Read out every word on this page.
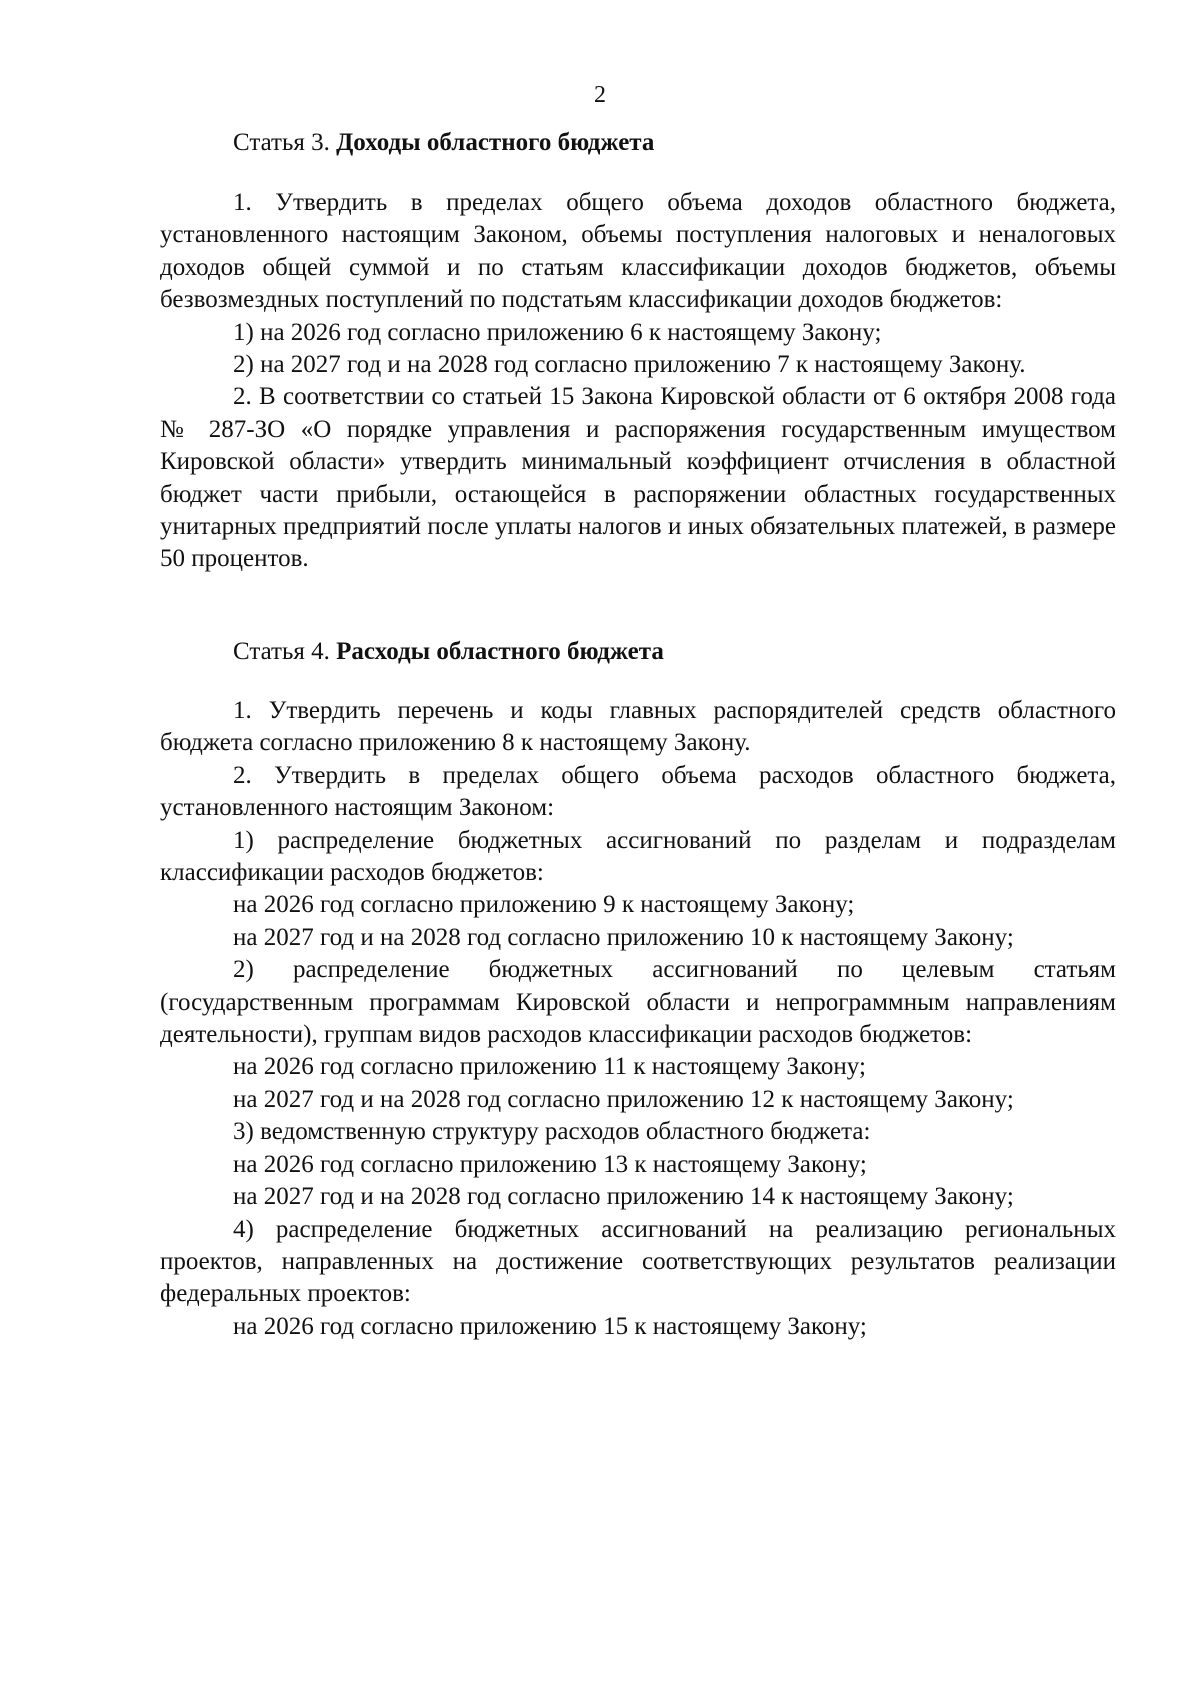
2
Статья 3. Доходы областного бюджета

1. Утвердить в пределах общего объема доходов областного бюджета, установленного настоящим Законом, объемы поступления налоговых и неналоговых доходов общей суммой и по статьям классификации доходов бюджетов, объемы безвозмездных поступлений по подстатьям классификации доходов бюджетов:

1) на 2026 год согласно приложению 6 к настоящему Закону;

2) на 2027 год и на 2028 год согласно приложению 7 к настоящему Закону.

2. В соответствии со статьей 15 Закона Кировской области от 6 октября 2008 года № 287-ЗО «О порядке управления и распоряжения государственным имуществом Кировской области» утвердить минимальный коэффициент отчисления в областной бюджет части прибыли, остающейся в распоряжении областных государственных унитарных предприятий после уплаты налогов и иных обязательных платежей, в размере 50 процентов.

Статья 4. Расходы областного бюджета

1. Утвердить перечень и коды главных распорядителей средств областного бюджета согласно приложению 8 к настоящему Закону.

2. Утвердить в пределах общего объема расходов областного бюджета, установленного настоящим Законом:

1) распределение бюджетных ассигнований по разделам и подразделам классификации расходов бюджетов:

на 2026 год согласно приложению 9 к настоящему Закону;

на 2027 год и на 2028 год согласно приложению 10 к настоящему Закону;

2) распределение бюджетных ассигнований по целевым статьям (государственным программам Кировской области и непрограммным направлениям деятельности), группам видов расходов классификации расходов бюджетов:

на 2026 год согласно приложению 11 к настоящему Закону;

на 2027 год и на 2028 год согласно приложению 12 к настоящему Закону;

3) ведомственную структуру расходов областного бюджета:

на 2026 год согласно приложению 13 к настоящему Закону;

на 2027 год и на 2028 год согласно приложению 14 к настоящему Закону;

4) распределение бюджетных ассигнований на реализацию региональных проектов, направленных на достижение соответствующих результатов реализации федеральных проектов:

на 2026 год согласно приложению 15 к настоящему Закону;
